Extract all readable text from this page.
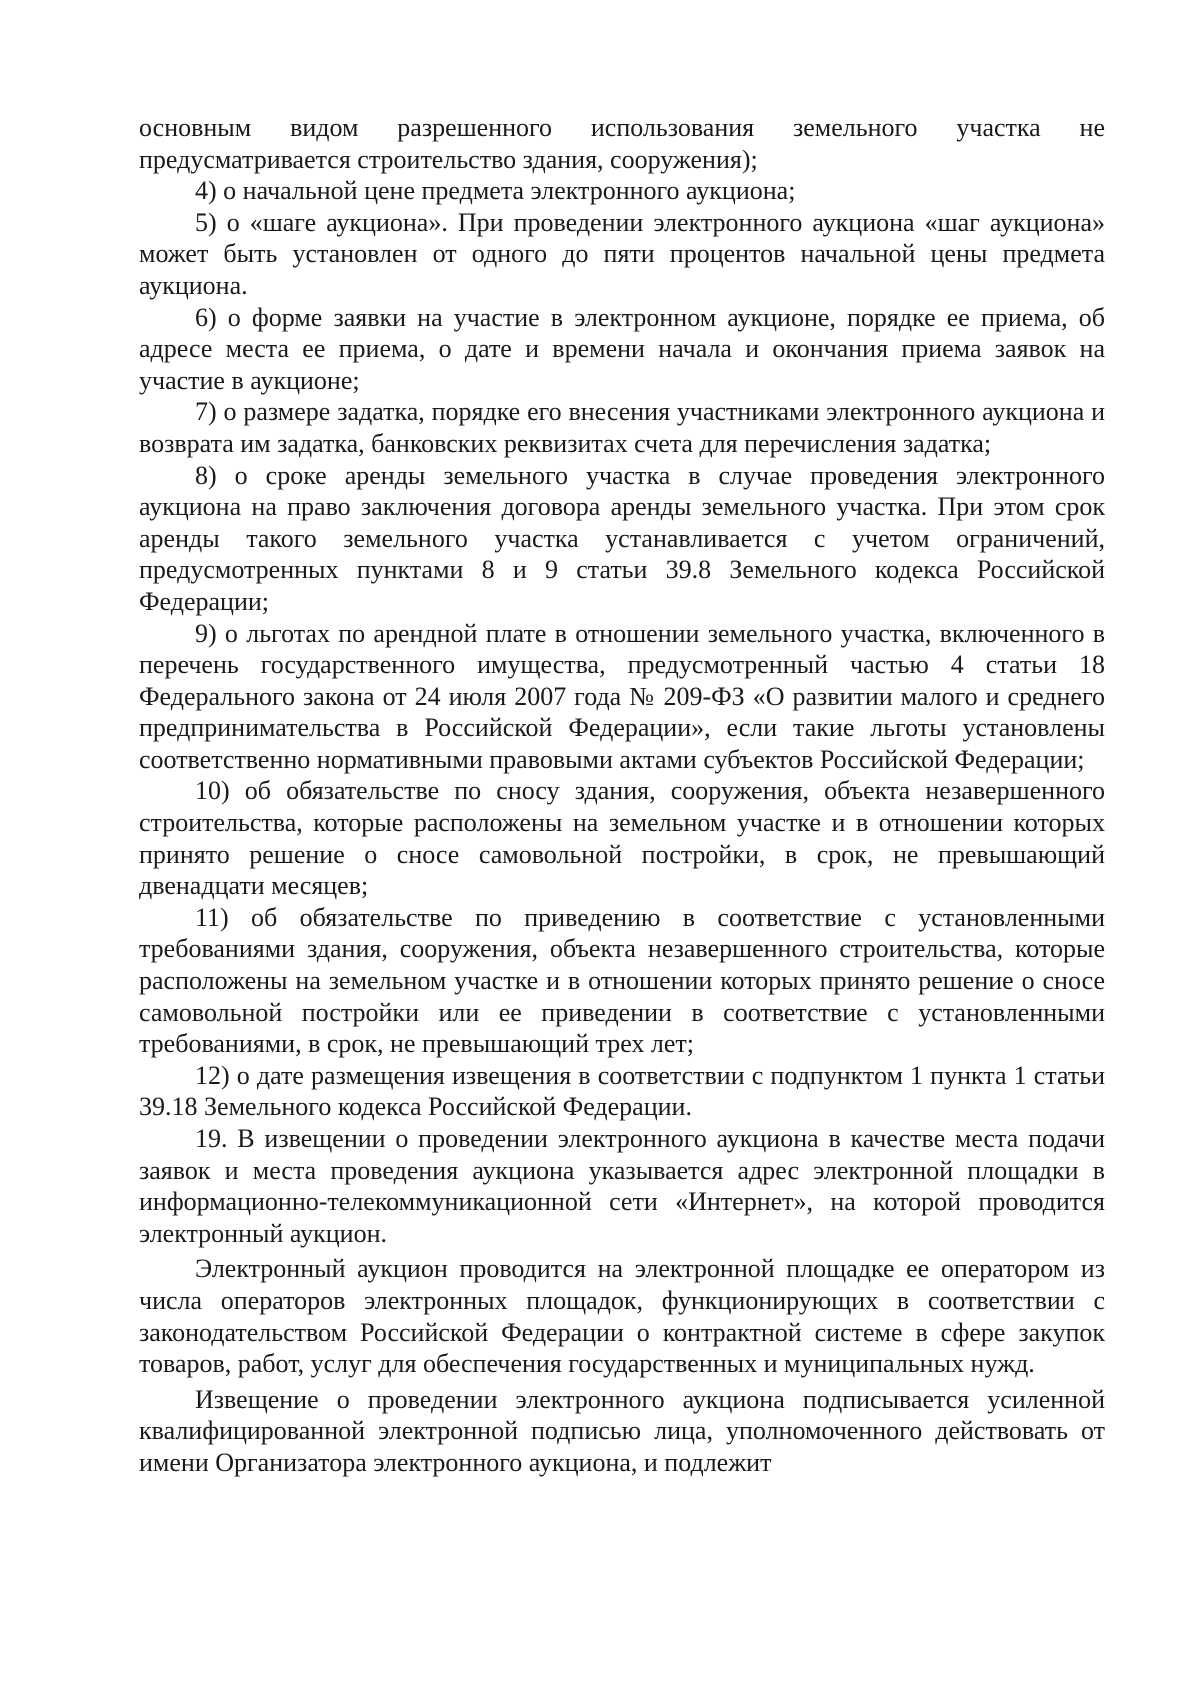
основным видом разрешенного использования земельного участка не предусматривается строительство здания, сооружения);

4) о начальной цене предмета электронного аукциона;

5) о «шаге аукциона». При проведении электронного аукциона «шаг аукциона» может быть установлен от одного до пяти процентов начальной цены предмета аукциона.

6) о форме заявки на участие в электронном аукционе, порядке ее приема, об адресе места ее приема, о дате и времени начала и окончания приема заявок на участие в аукционе;

7) о размере задатка, порядке его внесения участниками электронного аукциона и возврата им задатка, банковских реквизитах счета для перечисления задатка;

8) о сроке аренды земельного участка в случае проведения электронного аукциона на право заключения договора аренды земельного участка. При этом срок аренды такого земельного участка устанавливается с учетом ограничений, предусмотренных пунктами 8 и 9 статьи 39.8 Земельного кодекса Российской Федерации;

9) о льготах по арендной плате в отношении земельного участка, включенного в перечень государственного имущества, предусмотренный частью 4 статьи 18 Федерального закона от 24 июля 2007 года № 209-ФЗ «О развитии малого и среднего предпринимательства в Российской Федерации», если такие льготы установлены соответственно нормативными правовыми актами субъектов Российской Федерации;

10) об обязательстве по сносу здания, сооружения, объекта незавершенного строительства, которые расположены на земельном участке и в отношении которых принято решение о сносе самовольной постройки, в срок, не превышающий двенадцати месяцев;

11) об обязательстве по приведению в соответствие с установленными требованиями здания, сооружения, объекта незавершенного строительства, которые расположены на земельном участке и в отношении которых принято решение о сносе самовольной постройки или ее приведении в соответствие с установленными требованиями, в срок, не превышающий трех лет;

12) о дате размещения извещения в соответствии с подпунктом 1 пункта 1 статьи 39.18 Земельного кодекса Российской Федерации.

19. В извещении о проведении электронного аукциона в качестве места подачи заявок и места проведения аукциона указывается адрес электронной площадки в информационно-телекоммуникационной сети «Интернет», на которой проводится электронный аукцион.

Электронный аукцион проводится на электронной площадке ее оператором из числа операторов электронных площадок, функционирующих в соответствии с законодательством Российской Федерации о контрактной системе в сфере закупок товаров, работ, услуг для обеспечения государственных и муниципальных нужд.

Извещение о проведении электронного аукциона подписывается усиленной квалифицированной электронной подписью лица, уполномоченного действовать от имени Организатора электронного аукциона, и подлежит
